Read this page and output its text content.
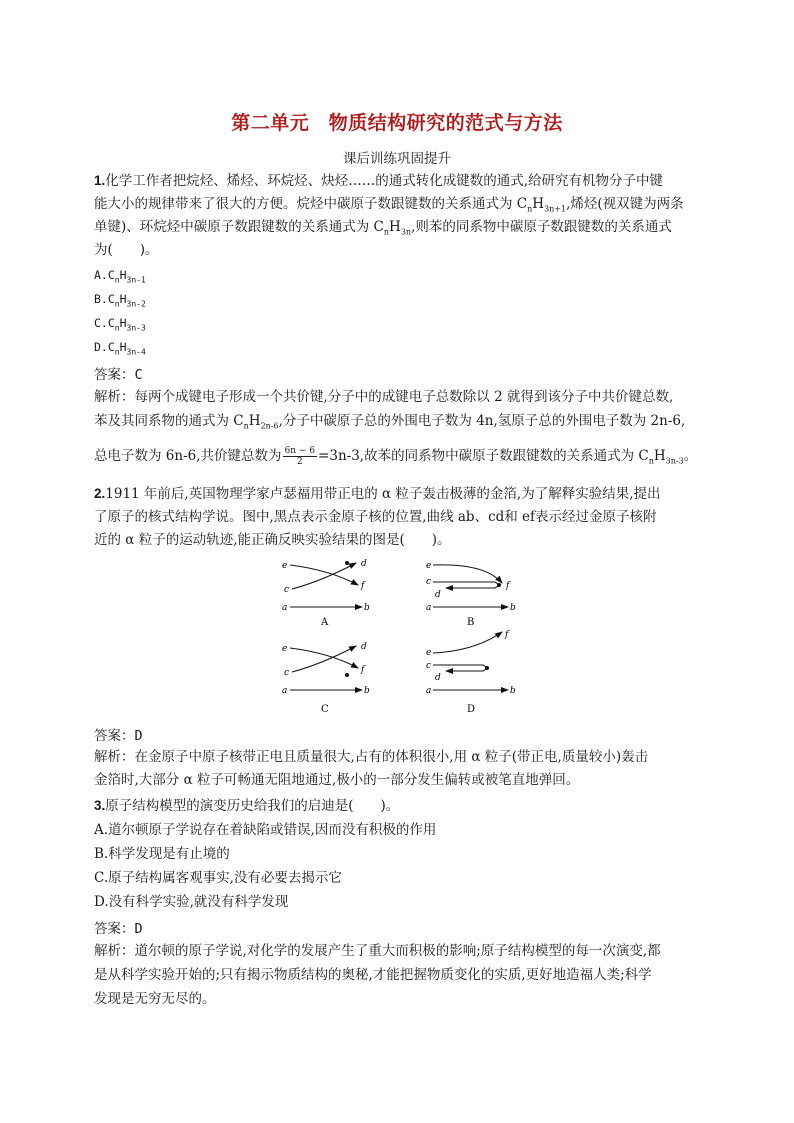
第二单元　物质结构研究的范式与方法
课后训练巩固提升
1.化学工作者把烷烃、烯烃、环烷烃、炔烃……的通式转化成键数的通式,给研究有机物分子中键
能大小的规律带来了很大的方便。烷烃中碳原子数跟键数的关系通式为 $C_nH_{3n+1}$,烯烃(视双键为两条
单键)、环烷烃中碳原子数跟键数的关系通式为 $C_nH_{3n}$,则苯的同系物中碳原子数跟键数的关系通式
为(　　)。
$A.C_nH_{3n-1}$
$B.C_nH_{3n-2}$
$C.C_nH_{3n-3}$
$D.C_nH_{3n-4}$
答案：C
解析：每两个成键电子形成一个共价键,分子中的成键电子总数除以 2 就得到该分子中共价键总数,
苯及其同系物的通式为 $C_nH_{2n-6}$,分子中碳原子总的外围电子数为 4n,氢原子总的外围电子数为 2n-6,
总电子数为 6n-6,共价键总数为 $\frac{6n - 6}{2} =3n-3$,故苯的同系物中碳原子数跟键数的关系通式为 $C_nH_{3n-3}$。
2.1911 年前后,英国物理学家卢瑟福用带正电的 α 粒子轰击极薄的金箔,为了解释实验结果,提出
了原子的核式结构学说。图中,黑点表示金原子核的位置,曲线 ab、cd和 ef表示经过金原子核附
近的 α 粒子的运动轨迹,能正确反映实验结果的图是(　　)。
e
c
a
d
f
b
A
e
c
d
a
f
b
B
e
c
a
d
f
b
C
e
c
d
a
f
b
D
答案：D
解析：在金原子中原子核带正电且质量很大,占有的体积很小,用 α 粒子(带正电,质量较小)轰击
金箔时,大部分 α 粒子可畅通无阻地通过,极小的一部分发生偏转或被笔直地弹回。
3.原子结构模型的演变历史给我们的启迪是(　　)。
A.道尔顿原子学说存在着缺陷或错误,因而没有积极的作用
B.科学发现是有止境的
C.原子结构属客观事实,没有必要去揭示它
D.没有科学实验,就没有科学发现
答案：D
解析：道尔顿的原子学说,对化学的发展产生了重大而积极的影响;原子结构模型的每一次演变,都
是从科学实验开始的;只有揭示物质结构的奥秘,才能把握物质变化的实质,更好地造福人类;科学
发现是无穷无尽的。
